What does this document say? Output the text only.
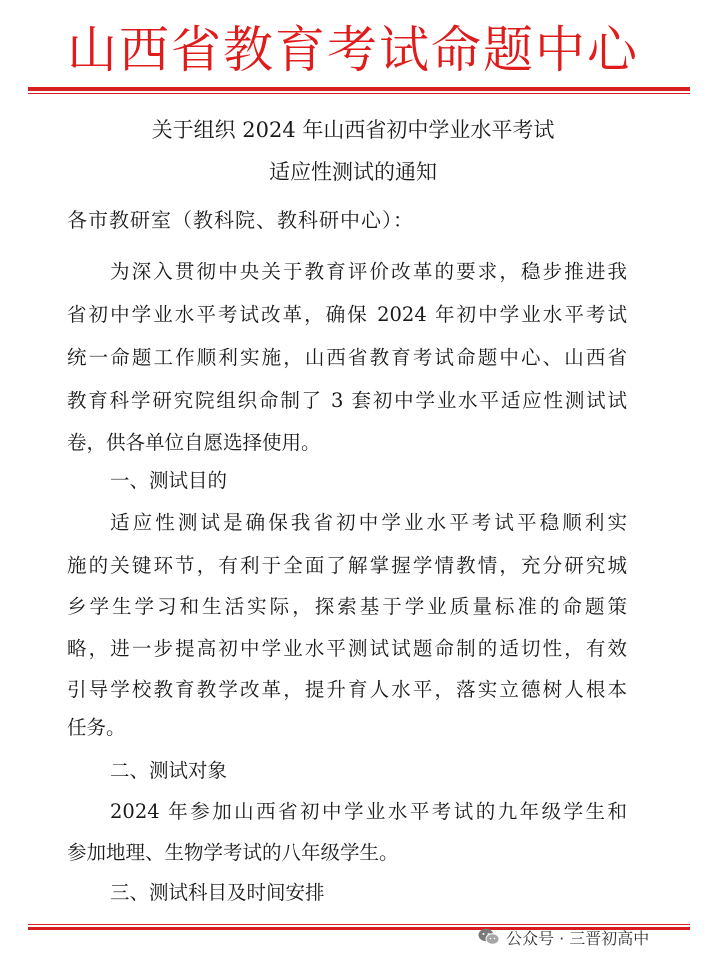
山西省教育考试命题中心
关于组织 2024 年山西省初中学业水平考试
适应性测试的通知
各市教研室（教科院、教科研中心）：
为深入贯彻中央关于教育评价改革的要求，稳步推进我
省初中学业水平考试改革，确保 2024 年初中学业水平考试
统一命题工作顺利实施，山西省教育考试命题中心、山西省
教育科学研究院组织命制了 3 套初中学业水平适应性测试试
卷，供各单位自愿选择使用。
一、测试目的
适应性测试是确保我省初中学业水平考试平稳顺利实
施的关键环节，有利于全面了解掌握学情教情，充分研究城
乡学生学习和生活实际，探索基于学业质量标准的命题策
略，进一步提高初中学业水平测试试题命制的适切性，有效
引导学校教育教学改革，提升育人水平，落实立德树人根本
任务。
二、测试对象
2024 年参加山西省初中学业水平考试的九年级学生和
参加地理、生物学考试的八年级学生。
三、测试科目及时间安排
公众号 · 三晋初高中
